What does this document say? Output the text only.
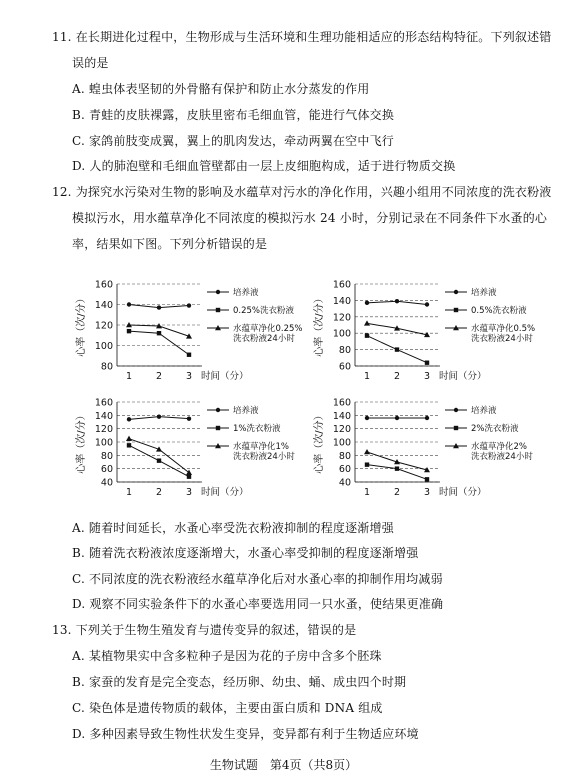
11. 在长期进化过程中，生物形成与生活环境和生理功能相适应的形态结构特征。下列叙述错
误的是
A. 蝗虫体表坚韧的外骨骼有保护和防止水分蒸发的作用
B. 青蛙的皮肤裸露，皮肤里密布毛细血管，能进行气体交换
C. 家鸽前肢变成翼，翼上的肌肉发达，牵动两翼在空中飞行
D. 人的肺泡壁和毛细血管壁都由一层上皮细胞构成，适于进行物质交换
12. 为探究水污染对生物的影响及水蕴草对污水的净化作用，兴趣小组用不同浓度的洗衣粉液
模拟污水，用水蕴草净化不同浓度的模拟污水 24 小时，分别记录在不同条件下水蚤的心
率，结果如下图。下列分析错误的是
A. 随着时间延长，水蚤心率受洗衣粉液抑制的程度逐渐增强
B. 随着洗衣粉液浓度逐渐增大，水蚤心率受抑制的程度逐渐增强
C. 不同浓度的洗衣粉液经水蕴草净化后对水蚤心率的抑制作用均减弱
D. 观察不同实验条件下的水蚤心率要选用同一只水蚤，使结果更准确
13. 下列关于生物生殖发育与遗传变异的叙述，错误的是
A. 某植物果实中含多粒种子是因为花的子房中含多个胚珠
B. 家蚕的发育是完全变态，经历卵、幼虫、蛹、成虫四个时期
C. 染色体是遗传物质的载体，主要由蛋白质和 DNA 组成
D. 多种因素导致生物性状发生变异，变异都有利于生物适应环境
80
100
120
140
160
1	2	3 时间（分）
心率（次/分）
培养液
0.25%洗衣粉液
水蕴草净化0.25%
洗衣粉液24小时
60
80
100
120
140
160
1	2	3 时间（分）
心率（次/分）
培养液
0.5%洗衣粉液
水蕴草净化0.5%
洗衣粉液24小时
40
60
80
100
120
140
160
1	2	3 时间（分）
心率（次/分）	培养液
1%洗衣粉液
水蕴草净化1%
洗衣粉液24小时
40
60
80
100
120
140
160
1	2	3 时间（分）
心率（次/分）	培养液
2%洗衣粉液
水蕴草净化2%
洗衣粉液24小时
生物试题　第4页（共8页）
